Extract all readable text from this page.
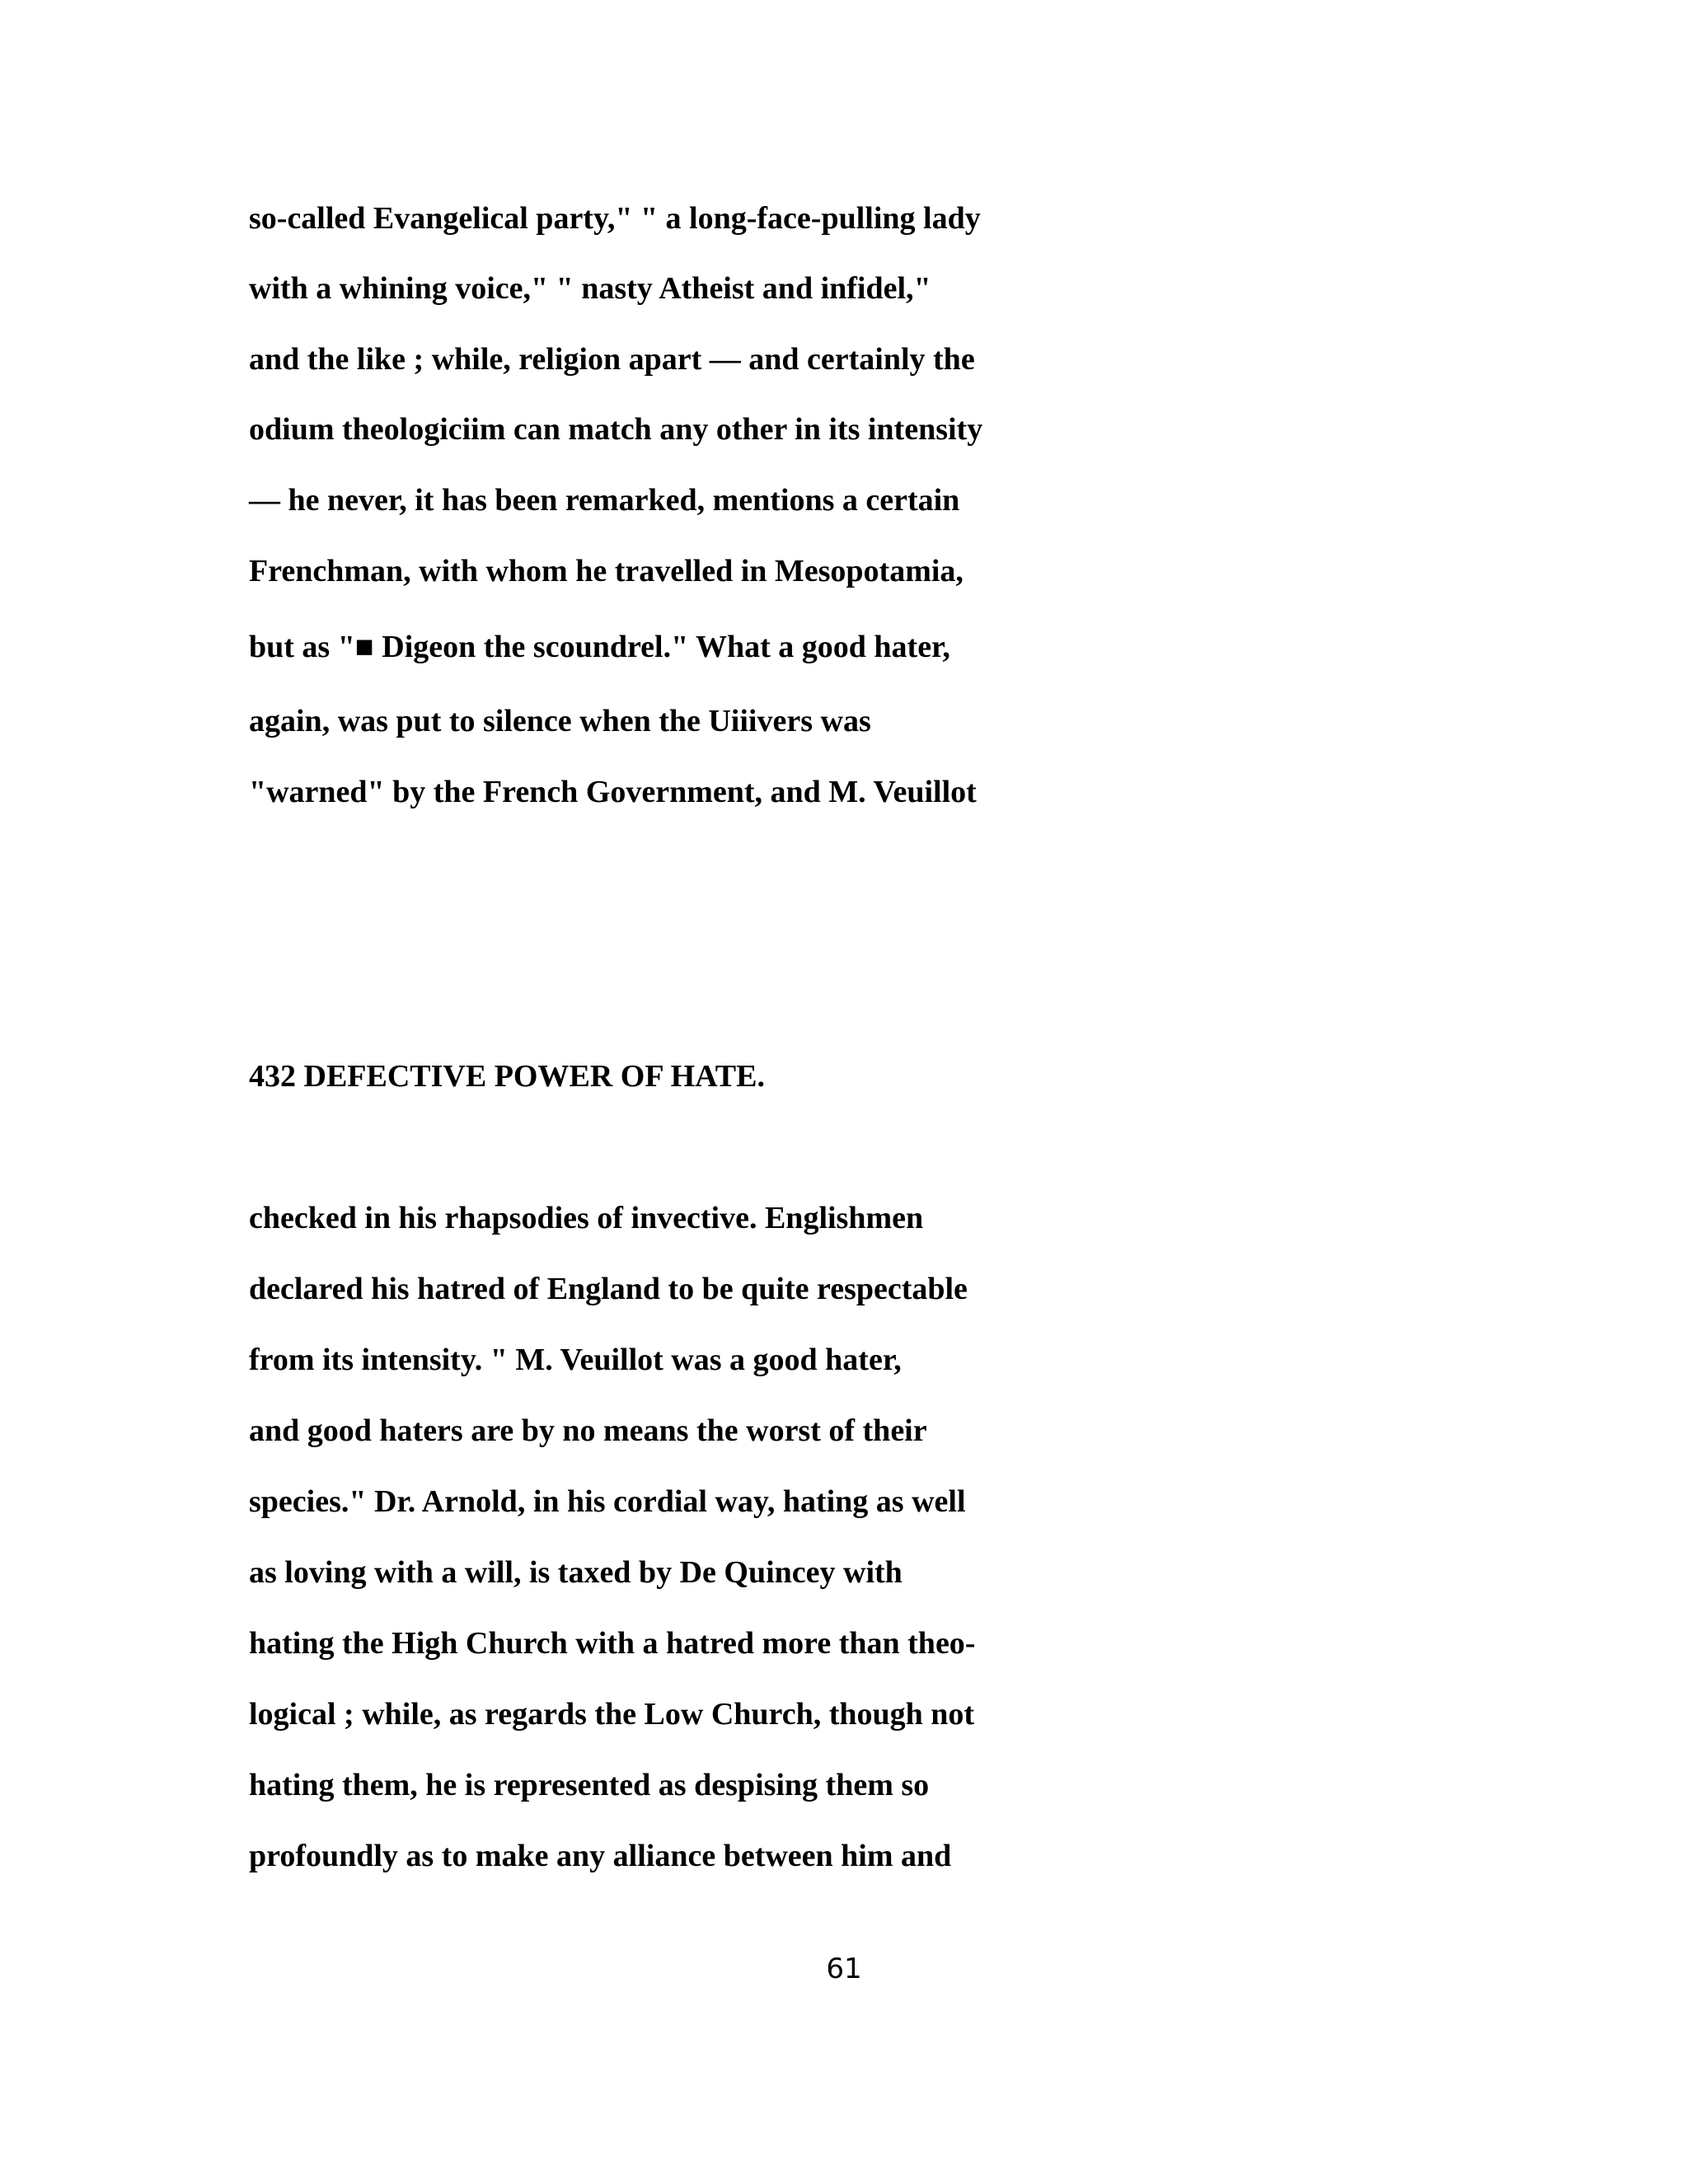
so-called Evangelical party," " a long-face-pulling lady
with a whining voice," " nasty Atheist and infidel,"
and the like ; while, religion apart — and certainly the
odium theologiciim can match any other in its intensity
— he never, it has been remarked, mentions a certain
Frenchman, with whom he travelled in Mesopotamia,
but as "■ Digeon the scoundrel." What a good hater,
again, was put to silence when the Uiiivers was
"warned" by the French Government, and M. Veuillot
432 DEFECTIVE POWER OF HATE.
checked in his rhapsodies of invective. Englishmen
declared his hatred of England to be quite respectable
from its intensity. " M. Veuillot was a good hater,
and good haters are by no means the worst of their
species." Dr. Arnold, in his cordial way, hating as well
as loving with a will, is taxed by De Quincey with
hating the High Church with a hatred more than theo-
logical ; while, as regards the Low Church, though not
hating them, he is represented as despising them so
profoundly as to make any alliance between him and
61
